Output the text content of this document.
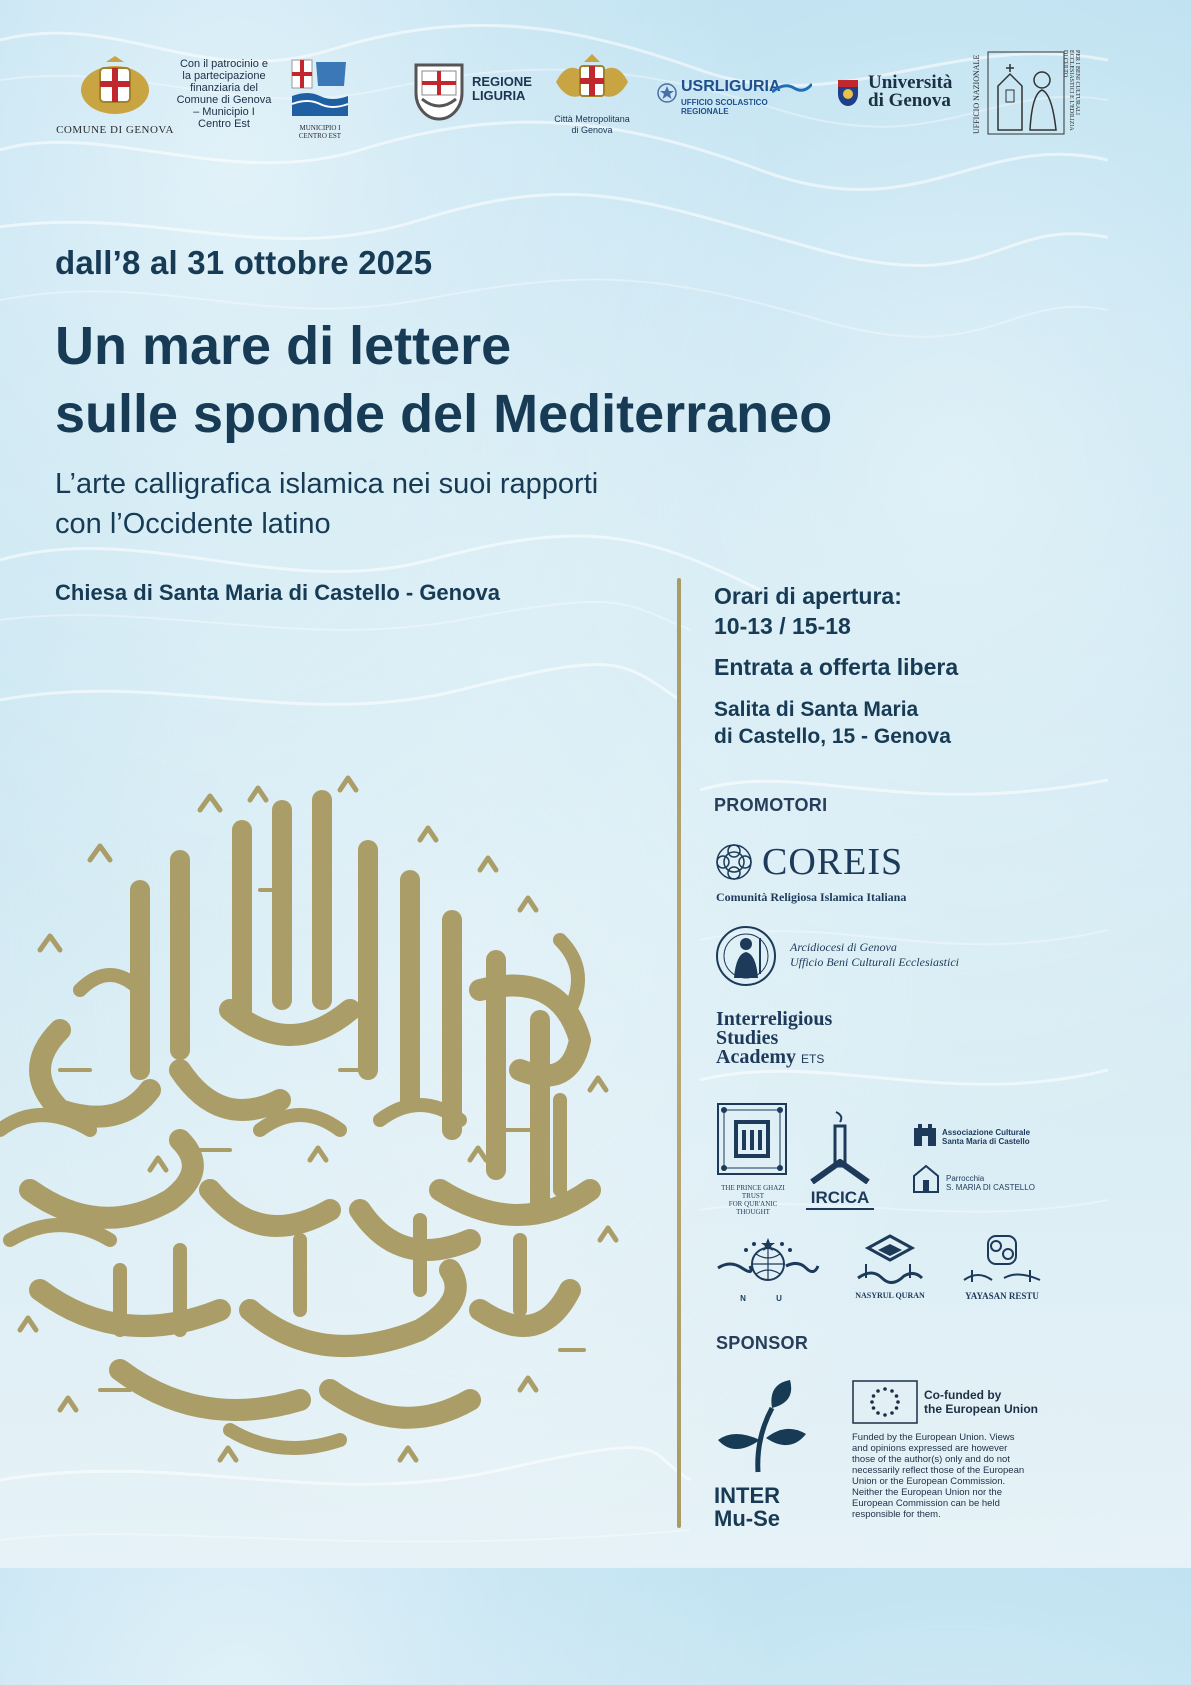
COMUNE DI GENOVA
Con il patrocinio e
la partecipazione
finanziaria del
Comune di Genova
– Municipio I
Centro Est	MUNICIPIO I
CENTRO EST
REGIONE
LIGURIA
Città Metropolitana
di Genova
USRLIGURIA
UFFICIO SCOLASTICO REGIONALE
Università
di Genova	UFFICIO NAZIONALE	PER I BENI CULTURALI ECCLESIASTICI E L'EDILIZIA DI CULTO
dall’8 al 31 ottobre 2025
Un mare di lettere
sulle sponde del Mediterraneo
L’arte calligrafica islamica nei suoi rapporti
con l’Occidente latino
Chiesa di Santa Maria di Castello - Genova	Orari di apertura:
10-13 / 15-18
Entrata a offerta libera
Salita di Santa Maria
di Castello, 15 - Genova
PROMOTORI
COREIS
Comunità Religiosa Islamica Italiana
Arcidiocesi di Genova
Ufficio Beni Culturali Ecclesiastici
Interreligious
Studies
Academy ETS
THE PRINCE GHAZI TRUST
FOR QUR'ANIC THOUGHT
IRCICA
Associazione Culturale
Santa Maria di Castello
Parrocchia
S. MARIA DI CASTELLO
N U	NASYRUL QURAN	YAYASAN RESTU
SPONSOR
INTER
Mu-Se
Co-funded by
the European Union
Funded by the European Union. Views and opinions expressed are however those of the author(s) only and do not necessarily reflect those of the European Union or the European Commission. Neither the European Union nor the European Commission can be held responsible for them.
